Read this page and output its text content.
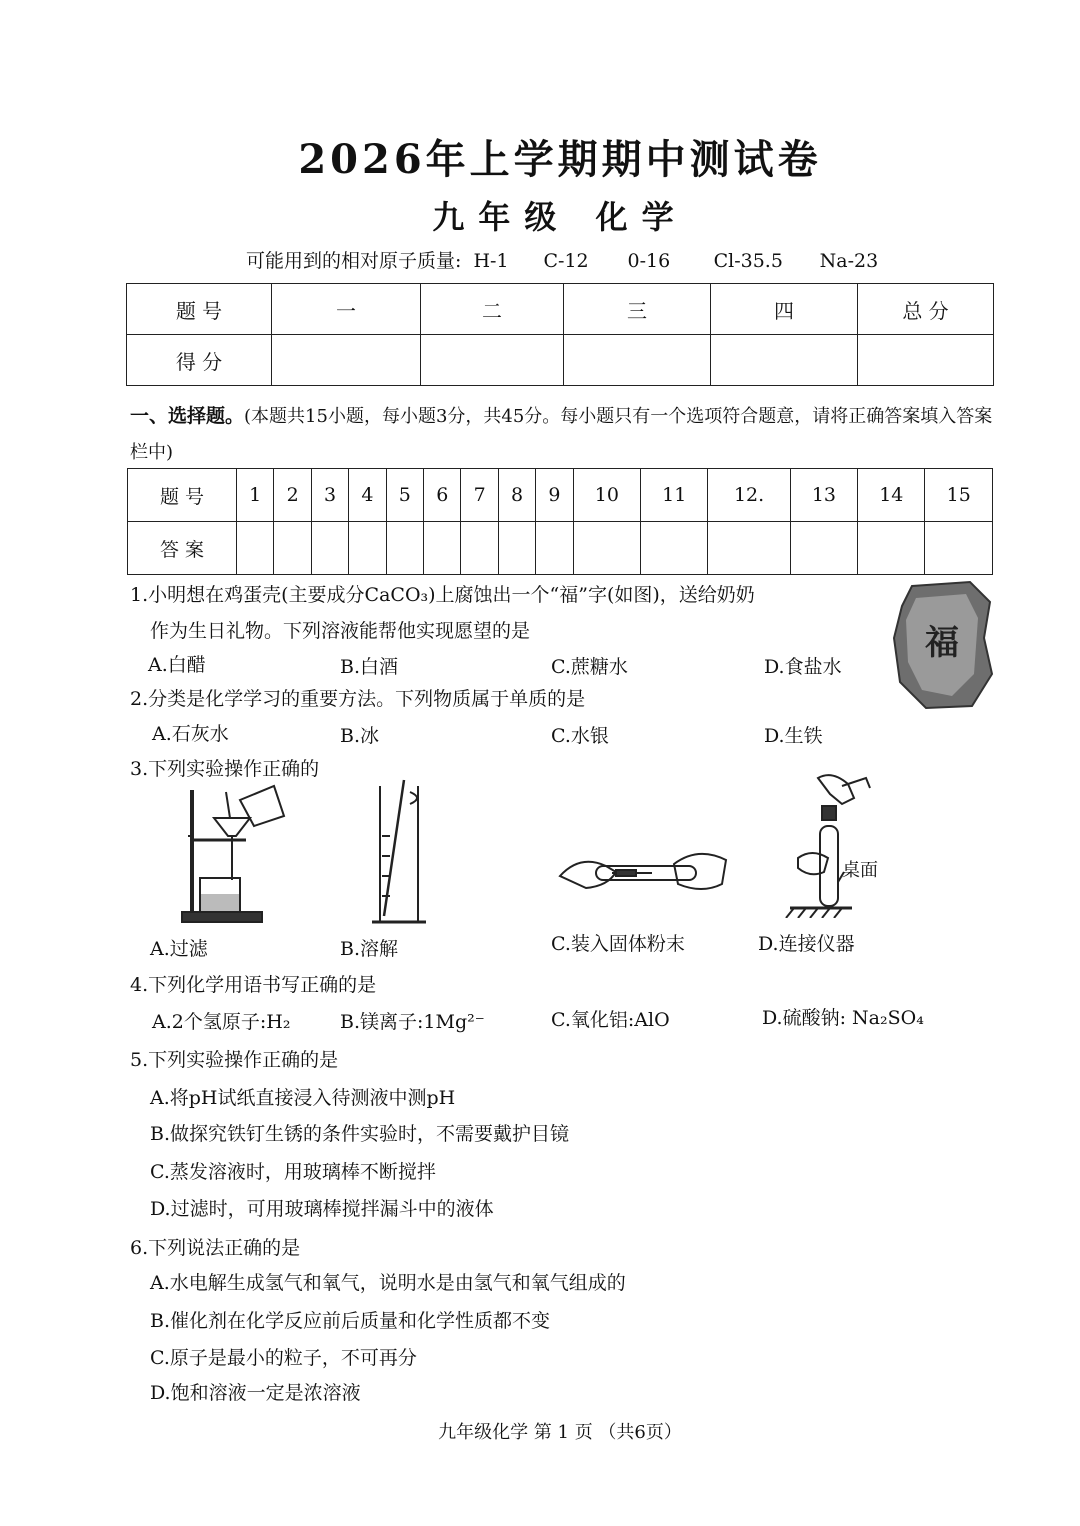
2026年上学期期中测试卷
九年级 化学
可能用到的相对原子质量: H-1 C-12 0-16 Cl-35.5 Na-23
题 号	一	二	三	四	总 分
得 分					
一、选择题。(本题共15小题，每小题3分，共45分。每小题只有一个选项符合题意，请将正确答案填入答案栏中)
题 号	1	2	3	4	5	6	7	8	9	10	11	12.	13	14	15
答 案															
1.小明想在鸡蛋壳(主要成分CaCO₃)上腐蚀出一个“福”字(如图)，送给奶奶
作为生日礼物。下列溶液能帮他实现愿望的是
A.白醋	B.白酒	C.蔗糖水	D.食盐水
福
2.分类是化学学习的重要方法。下列物质属于单质的是
A.石灰水	B.冰	C.水银	D.生铁
3.下列实验操作正确的
A.过滤	B.溶解	C.装入固体粉末
桌面
D.连接仪器
4.下列化学用语书写正确的是
A.2个氢原子:H₂	B.镁离子:1Mg²⁻	C.氧化铝:AlO	D.硫酸钠: Na₂SO₄
5.下列实验操作正确的是
A.将pH试纸直接浸入待测液中测pH
B.做探究铁钉生锈的条件实验时，不需要戴护目镜
C.蒸发溶液时，用玻璃棒不断搅拌
D.过滤时，可用玻璃棒搅拌漏斗中的液体
6.下列说法正确的是
A.水电解生成氢气和氧气，说明水是由氢气和氧气组成的
B.催化剂在化学反应前后质量和化学性质都不变
C.原子是最小的粒子，不可再分
D.饱和溶液一定是浓溶液
九年级化学 第 1 页 （共6页）
